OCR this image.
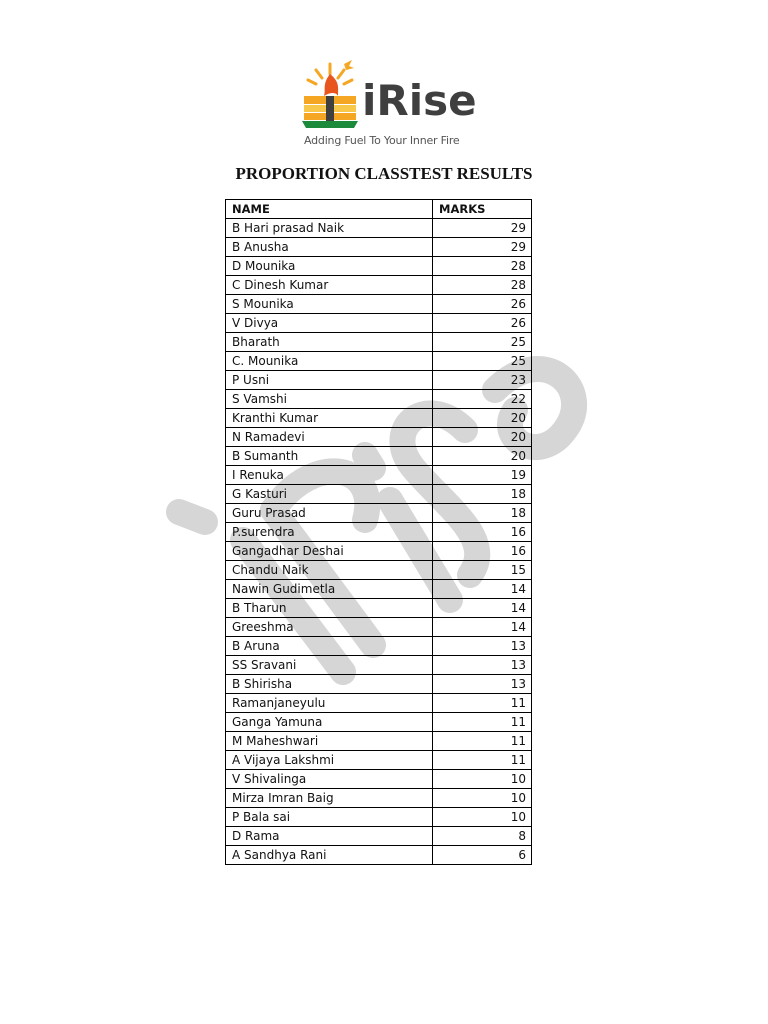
iRise
Adding Fuel To Your Inner Fire
PROPORTION CLASSTEST RESULTS
NAME	MARKS
B Hari prasad Naik	29
B Anusha	29
D Mounika	28
C Dinesh Kumar	28
S Mounika	26
V Divya	26
Bharath	25
C. Mounika	25
P Usni	23
S Vamshi	22
Kranthi Kumar	20
N Ramadevi	20
B Sumanth	20
I Renuka	19
G Kasturi	18
Guru Prasad	18
P.surendra	16
Gangadhar Deshai	16
Chandu Naik	15
Nawin Gudimetla	14
B Tharun	14
Greeshma	14
B Aruna	13
SS Sravani	13
B Shirisha	13
Ramanjaneyulu	11
Ganga Yamuna	11
M Maheshwari	11
A Vijaya Lakshmi	11
V Shivalinga	10
Mirza Imran Baig	10
P Bala sai	10
D Rama	8
A Sandhya Rani	6
